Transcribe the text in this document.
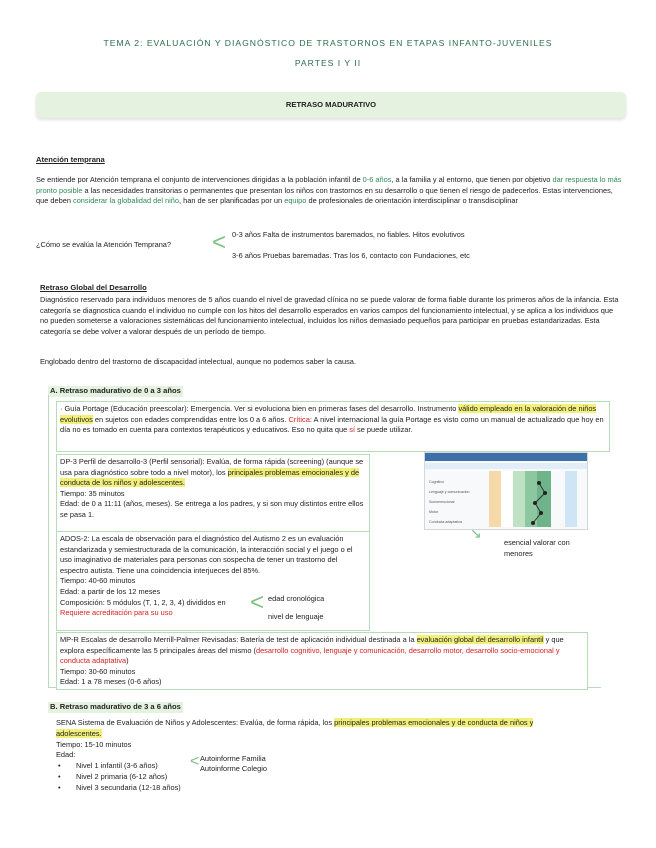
TEMA 2: EVALUACIÓN Y DIAGNÓSTICO DE TRASTORNOS EN ETAPAS INFANTO-JUVENILES
PARTES I Y II
RETRASO MADURATIVO
Atención temprana
Se entiende por Atención temprana el conjunto de intervenciones dirigidas a la población infantil de 0-6 años, a la familia y al entorno, que tienen por objetivo dar respuesta lo más pronto posible a las necesidades transitorias o permanentes que presentan los niños con trastornos en su desarrollo o que tienen el riesgo de padecerlos. Estas intervenciones, que deben considerar la globalidad del niño, han de ser planificadas por un equipo de profesionales de orientación interdisciplinar o transdisciplinar
¿Cómo se evalúa la Atención Temprana? < 0-3 años Falta de instrumentos baremados, no fiables. Hitos evolutivos
3-6 años Pruebas baremadas. Tras los 6, contacto con Fundaciones, etc
Retraso Global del Desarrollo
Diagnóstico reservado para individuos menores de 5 años cuando el nivel de gravedad clínica no se puede valorar de forma fiable durante los primeros años de la infancia. Esta categoría se diagnostica cuando el individuo no cumple con los hitos del desarrollo esperados en varios campos del funcionamiento intelectual, y se aplica a los individuos que no pueden someterse a valoraciones sistemáticas del funcionamiento intelectual, incluidos los niños demasiado pequeños para participar en pruebas estandarizadas. Esta categoría se debe volver a valorar después de un período de tiempo.
Englobado dentro del trastorno de discapacidad intelectual, aunque no podemos saber la causa.
A. Retraso madurativo de 0 a 3 años
· Guía Portage (Educación preescolar): Emergencia. Ver si evoluciona bien en primeras fases del desarrollo. Instrumento válido empleado en la valoración de niños evolutivos en sujetos con edades comprendidas entre los 0 a 6 años. Crítica: A nivel internacional la guía Portage es visto como un manual de actualizado que hoy en día no es tomado en cuenta para contextos terapéuticos y educativos. Eso no quita que sí se puede utilizar.
DP-3 Perfil de desarrollo-3 (Perfil sensorial): Evalúa, de forma rápida (screening) (aunque se usa para diagnóstico sobre todo a nivel motor), los principales problemas emocionales y de conducta de los niños y adolescentes.
Tiempo: 35 minutos
Edad: de 0 a 11:11 (años, meses). Se entrega a los padres, y si son muy distintos entre ellos se pasa 1.
Cognitivo
Lenguaje y comunicación
Socioemocional
Motor
Conducta adaptativa
↘
esencial valorar con menores
ADOS-2: La escala de observación para el diagnóstico del Autismo 2 es un evaluación estandarizada y semiestructurada de la comunicación, la interacción social y el juego o el uso imaginativo de materiales para personas con sospecha de tener un trastorno del espectro autista. Tiene una coincidencia interjueces del 85%.
Tiempo: 40-60 minutos
Edad: a partir de los 12 meses
Composición: 5 módulos (T, 1, 2, 3, 4) divididos en
Requiere acreditación para su uso	< edad cronológica
nivel de lenguaje
MP-R Escalas de desarrollo Merrill-Palmer Revisadas: Batería de test de aplicación individual destinada a la evaluación global del desarrollo infantil y que explora específicamente las 5 principales áreas del mismo (desarrollo cognitivo, lenguaje y comunicación, desarrollo motor, desarrollo socio-emocional y conducta adaptativa)
Tiempo: 30-60 minutos
Edad: 1 a 78 meses (0-6 años)
B. Retraso madurativo de 3 a 6 años
SENA Sistema de Evaluación de Niños y Adolescentes: Evalúa, de forma rápida, los principales problemas emocionales y de conducta de niños y adolescentes.
Tiempo: 15-10 minutos
Edad:
• Nivel 1 infantil (3-6 años)
• Nivel 2 primaria (6-12 años)
• Nivel 3 secundaria (12-18 años)
< Autoinforme Familia
Autoinforme Colegio
